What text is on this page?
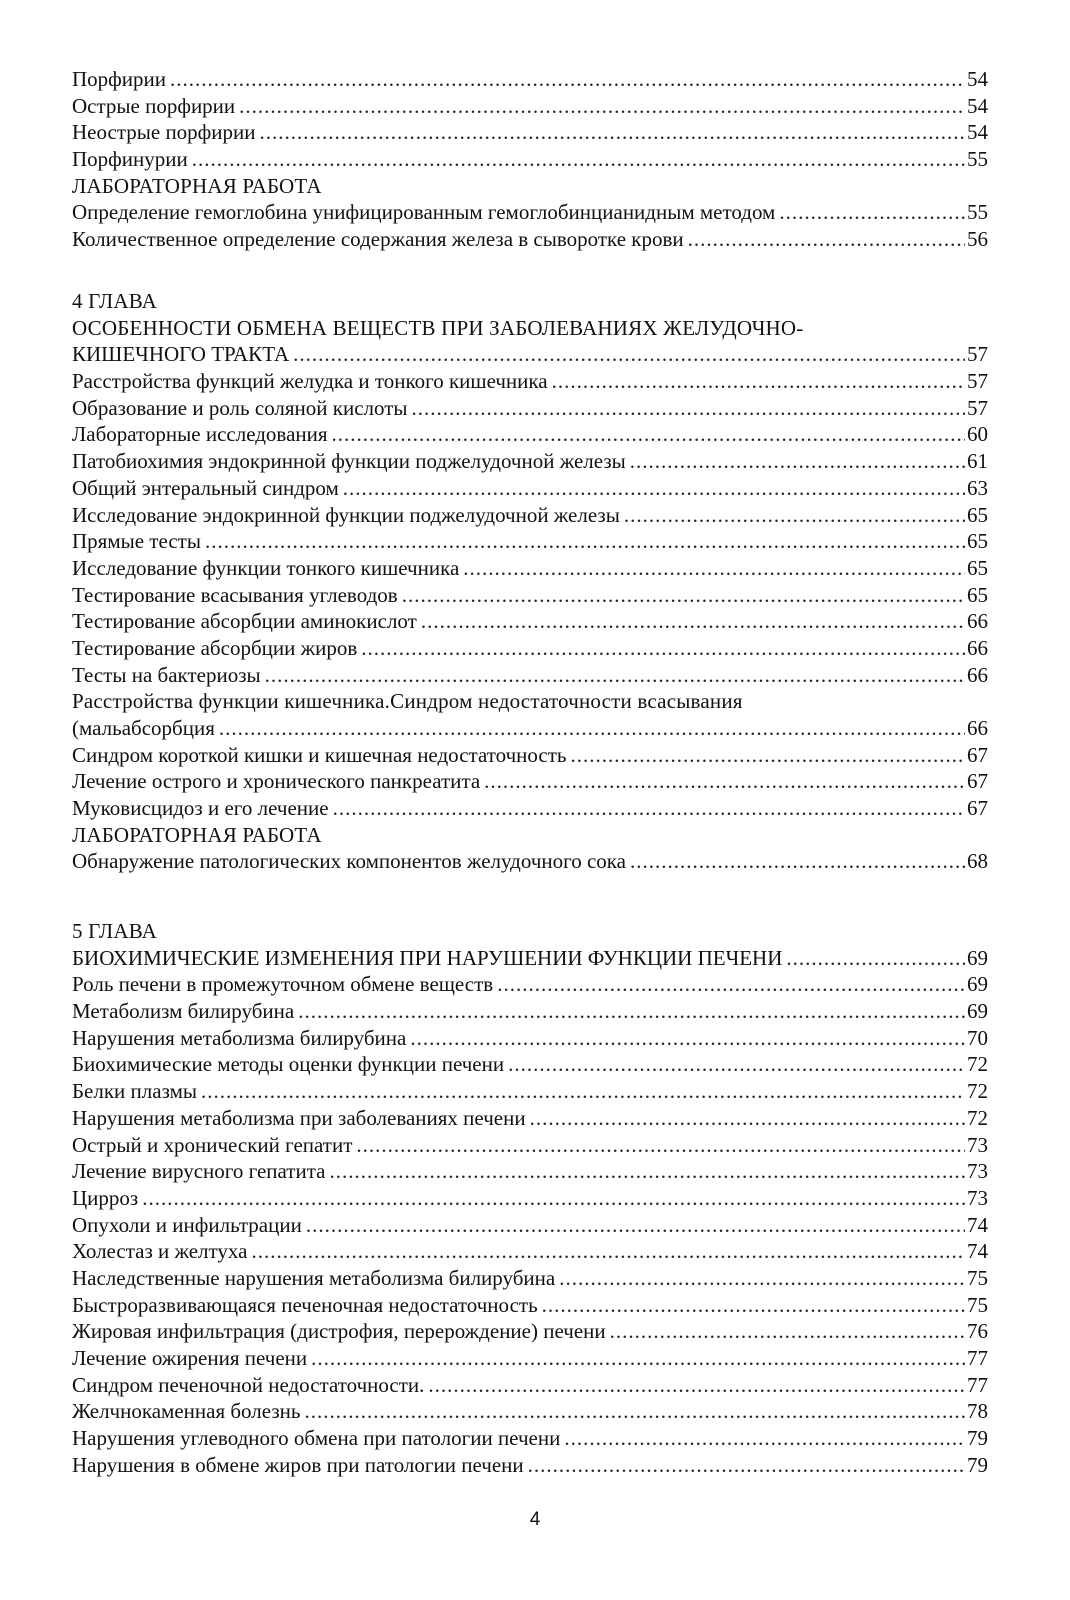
Порфирии .....	54
Острые порфирии .....	54
Неострые порфирии .....	54
Порфинурии .....	55
ЛАБОРАТОРНАЯ РАБОТА
Определение гемоглобина унифицированным гемоглобинцианидным методом .....	55
Количественное определение содержания железа в сыворотке крови .....	56
4 ГЛАВА
ОСОБЕННОСТИ ОБМЕНА ВЕЩЕСТВ ПРИ ЗАБОЛЕВАНИЯХ ЖЕЛУДОЧНО-
КИШЕЧНОГО ТРАКТА .....	57
Расстройства функций желудка и тонкого кишечника .....	57
Образование и роль соляной кислоты .....	57
Лабораторные исследования .....	60
Патобиохимия эндокринной функции поджелудочной железы .....	61
Общий энтеральный синдром .....	63
Исследование эндокринной функции поджелудочной железы .....	65
Прямые тесты .....	65
Исследование функции тонкого кишечника .....	65
Тестирование всасывания углеводов .....	65
Тестирование абсорбции аминокислот .....	66
Тестирование абсорбции жиров .....	66
Тесты на бактериозы .....	66
Расстройства функции кишечника.Синдром недостаточности всасывания
(мальабсорбция .....	66
Синдром короткой кишки и кишечная недостаточность .....	67
Лечение острого и хронического панкреатита .....	67
Муковисцидоз и его лечение .....	67
ЛАБОРАТОРНАЯ РАБОТА
Обнаружение патологических компонентов желудочного сока .....	68
5 ГЛАВА
БИОХИМИЧЕСКИЕ ИЗМЕНЕНИЯ ПРИ НАРУШЕНИИ ФУНКЦИИ ПЕЧЕНИ .....	69
Роль печени в промежуточном обмене веществ .....	69
Метаболизм билирубина .....	69
Нарушения метаболизма билирубина .....	70
Биохимические методы оценки функции печени .....	72
Белки плазмы .....	72
Нарушения метаболизма при заболеваниях печени .....	72
Острый и хронический гепатит .....	73
Лечение вирусного гепатита .....	73
Цирроз .....	73
Опухоли и инфильтрации .....	74
Холестаз и желтуха .....	74
Наследственные нарушения метаболизма билирубина .....	75
Быстроразвивающаяся печеночная недостаточность .....	75
Жировая инфильтрация (дистрофия, перерождение) печени .....	76
Лечение ожирения печени .....	77
Синдром печеночной недостаточности. .....	77
Желчнокаменная болезнь .....	78
Нарушения углеводного обмена при патологии печени .....	79
Нарушения в обмене жиров при патологии печени .....	79
4
